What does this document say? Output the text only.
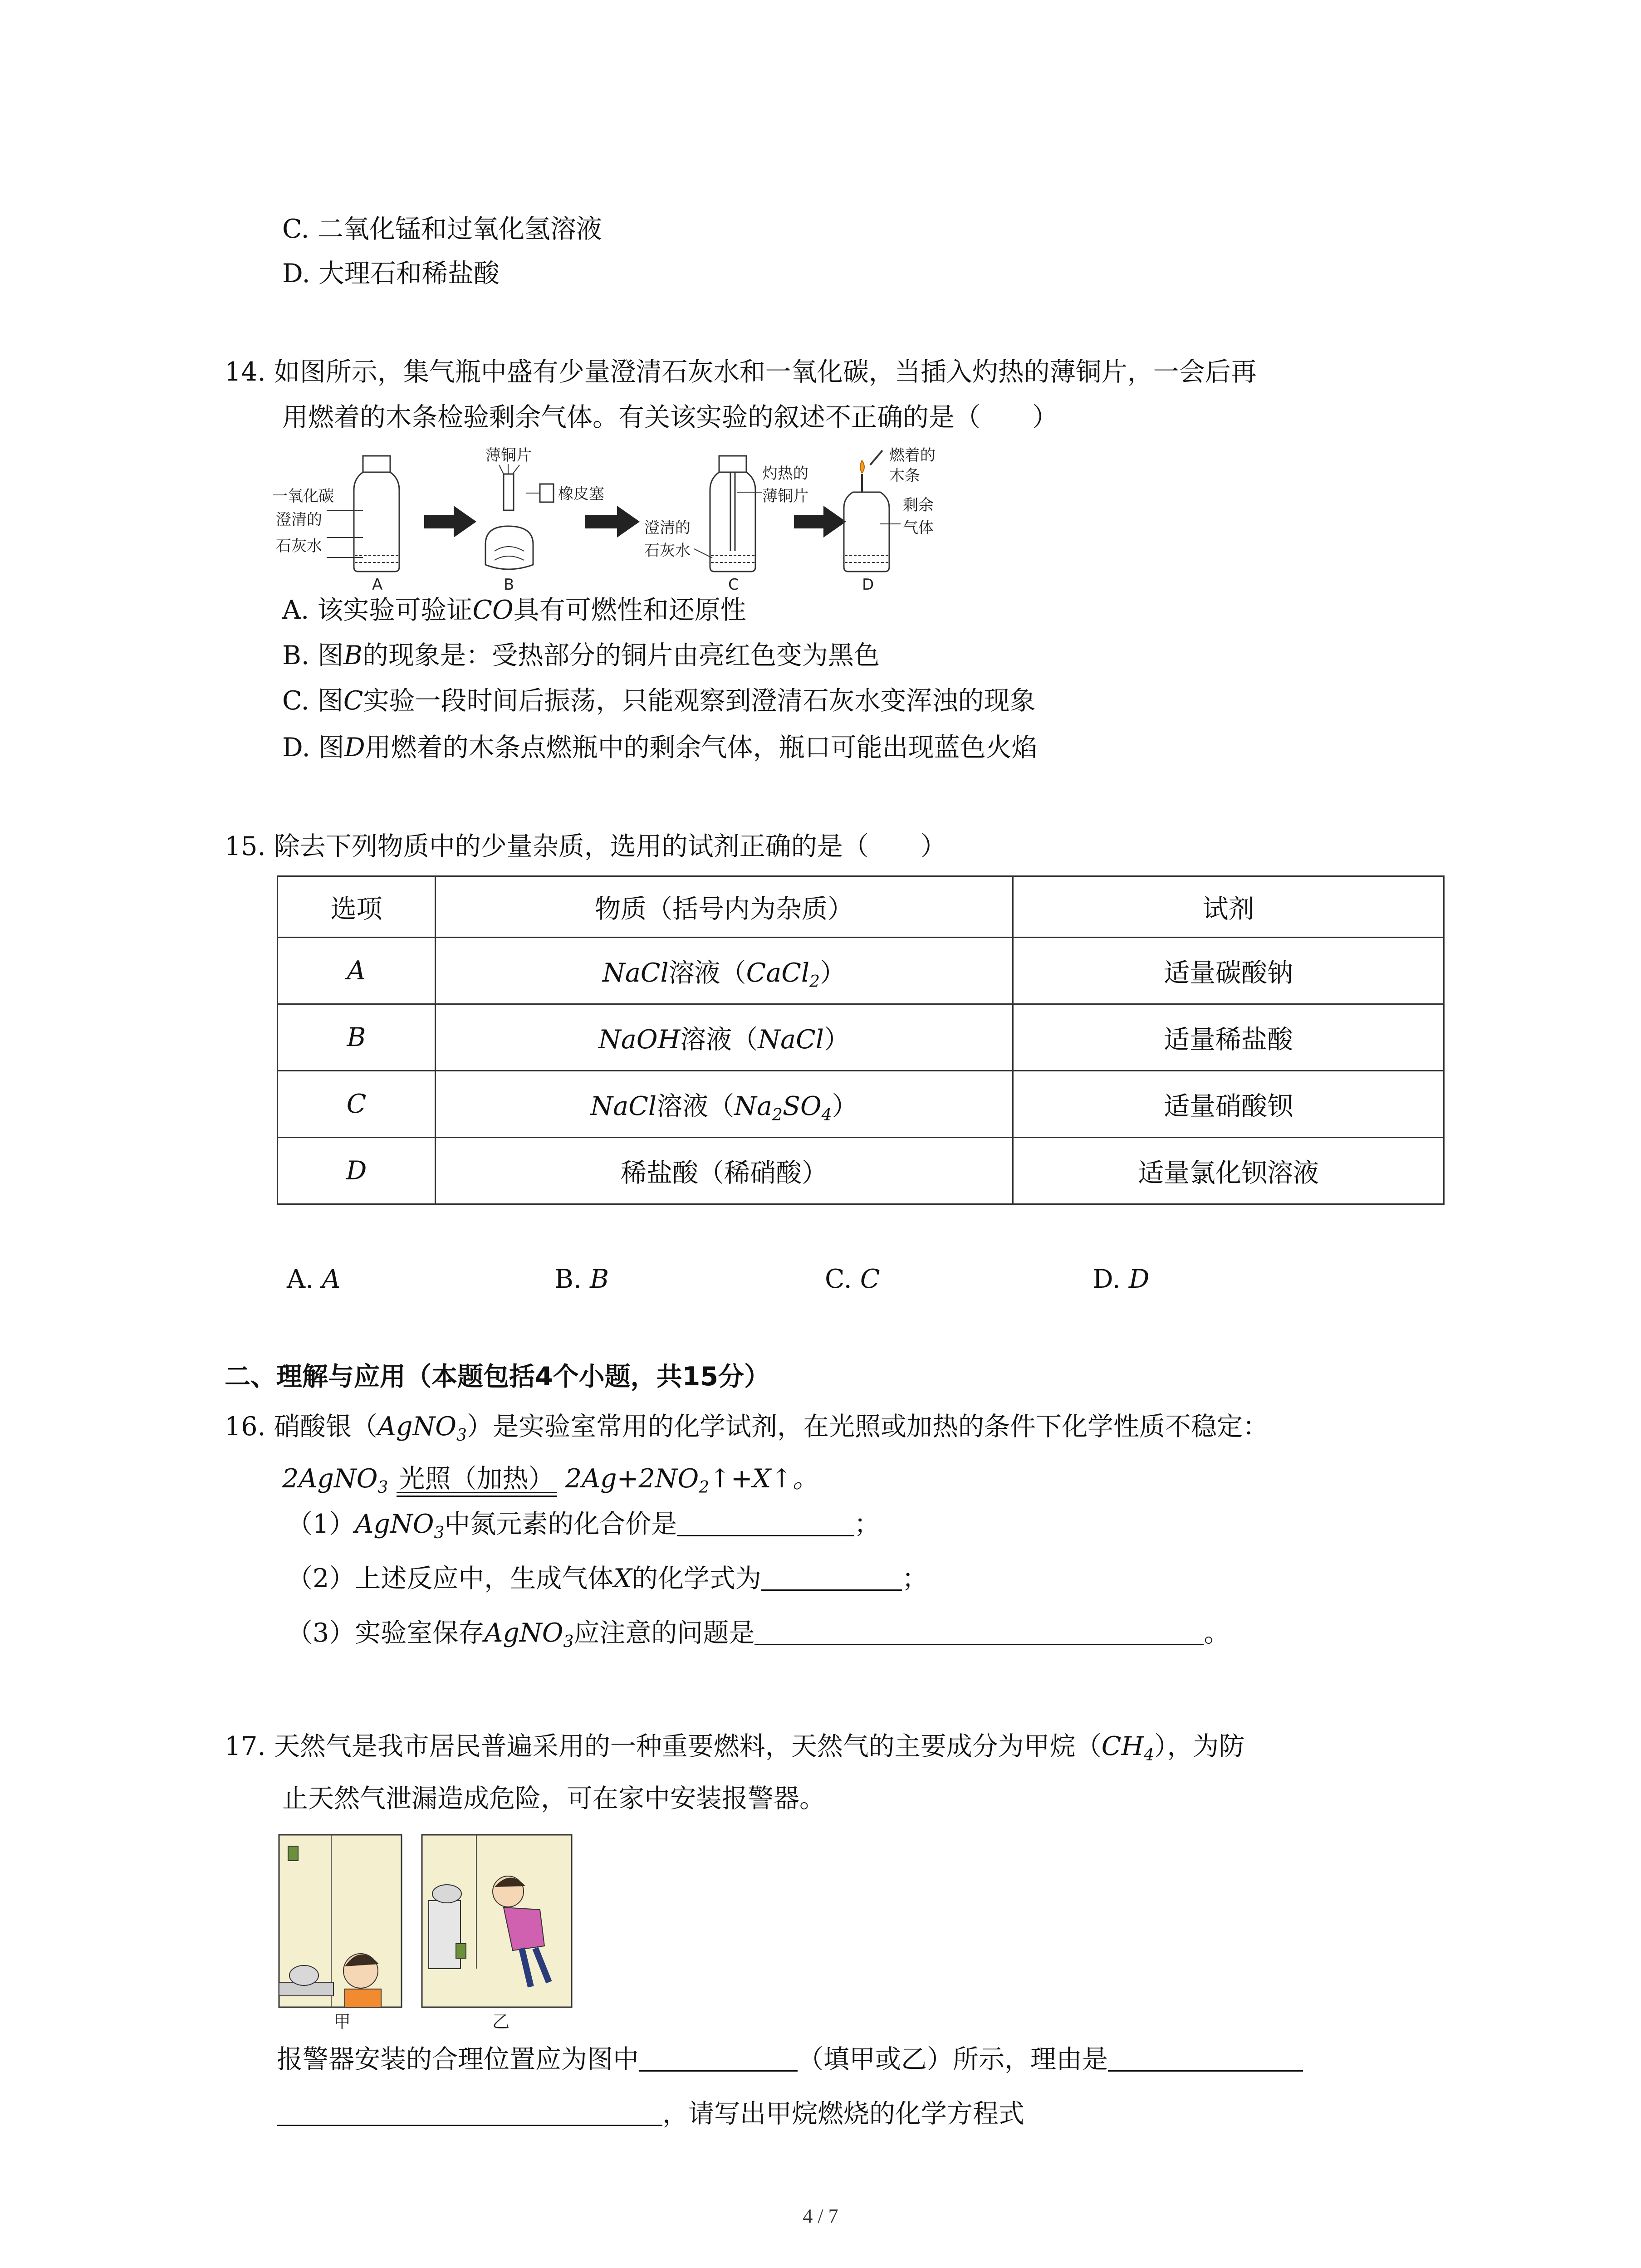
C. 二氧化锰和过氧化氢溶液
D. 大理石和稀盐酸
14. 如图所示，集气瓶中盛有少量澄清石灰水和一氧化碳，当插入灼热的薄铜片，一会后再
用燃着的木条检验剩余气体。有关该实验的叙述不正确的是（　　）
一氧化碳
澄清的
石灰水
A
薄铜片
橡皮塞
B
澄清的
石灰水
灼热的
薄铜片
C
燃着的
木条
剩余
气体
D
A. 该实验可验证CO具有可燃性和还原性
B. 图B的现象是：受热部分的铜片由亮红色变为黑色
C. 图C实验一段时间后振荡，只能观察到澄清石灰水变浑浊的现象
D. 图D用燃着的木条点燃瓶中的剩余气体，瓶口可能出现蓝色火焰
15. 除去下列物质中的少量杂质，选用的试剂正确的是（　　）
选项	物质（括号内为杂质）	试剂
A	NaCl溶液（CaCl$_2$）	适量碳酸钠
B	NaOH溶液（NaCl）	适量稀盐酸
C	NaCl溶液$(Na_2SO_4)$	适量硝酸钡
D	稀盐酸（稀硝酸）	适量氯化钡溶液
A. A	B. B	C. C	D. D
二、理解与应用（本题包括4个小题，共15分）
16. 硝酸银（AgNO$_3$）是实验室常用的化学试剂，在光照或加热的条件下化学性质不稳定：
2AgNO$_3$ 光照（加热） $2Ag+2NO_2↑+X↑$。
（1）AgNO$_3$中氮元素的化合价是	；
（2）上述反应中，生成气体X的化学式为	；
（3）实验室保存AgNO$_3$应注意的问题是	。
17. 天然气是我市居民普遍采用的一种重要燃料，天然气的主要成分为甲烷$(CH_4)$，为防
止天然气泄漏造成危险，可在家中安装报警器。
甲	乙
报警器安装的合理位置应为图中	（填甲或乙）所示，理由是
，请写出甲烷燃烧的化学方程式
4 / 7
